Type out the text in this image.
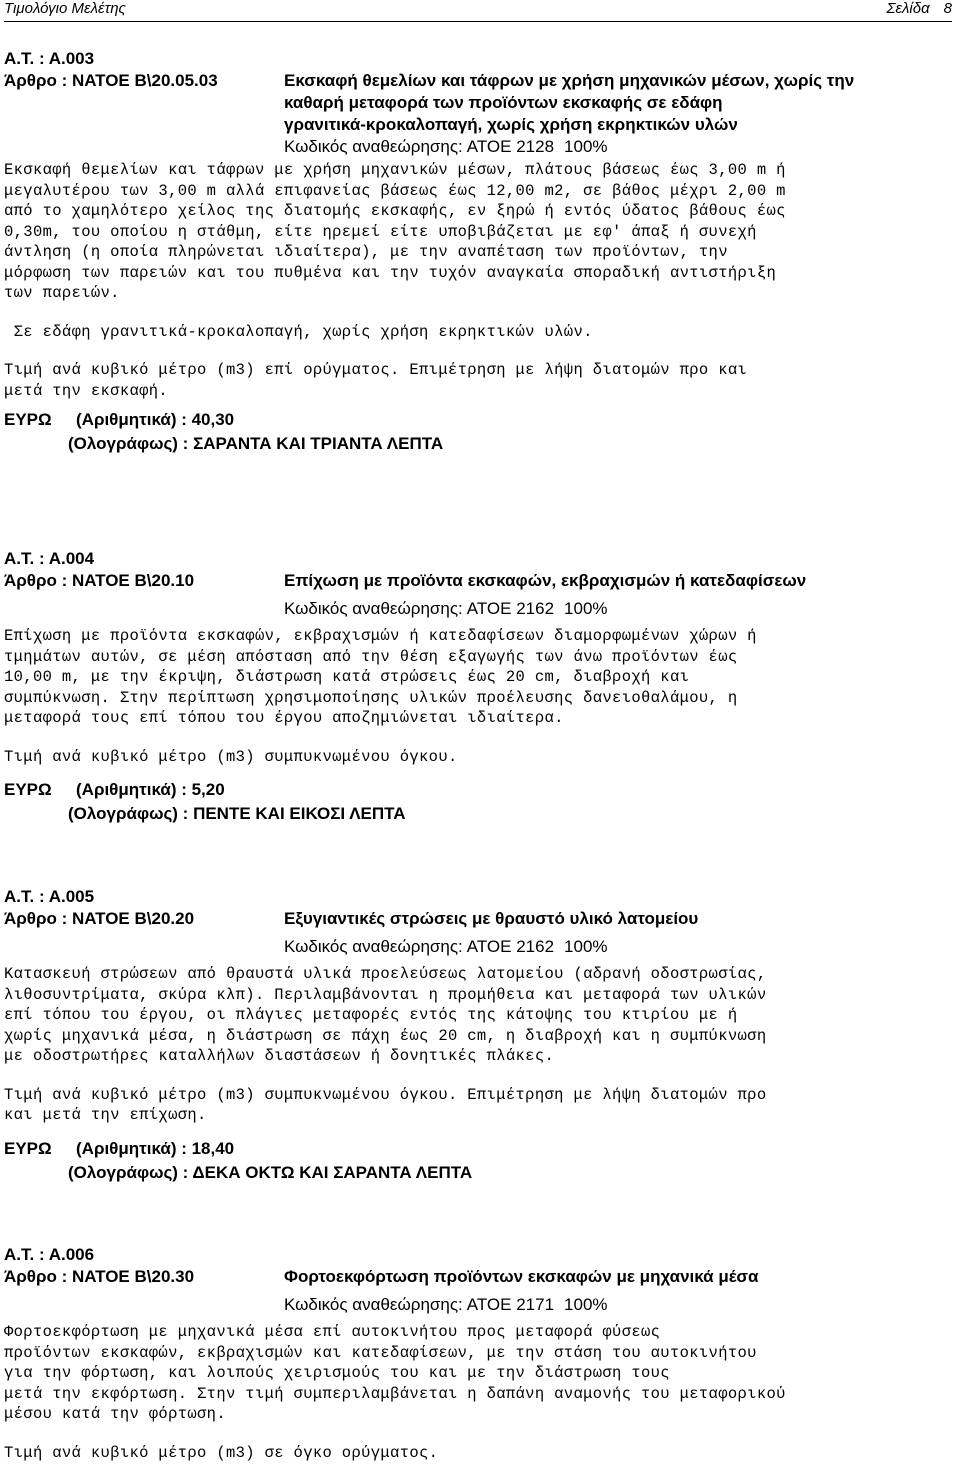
Τιμολόγιο Μελέτης	Σελίδα 8
Α.Τ. : Α.003
Άρθρο : ΝΑΤΟΕ Β\20.05.03	Εκσκαφή θεμελίων και τάφρων με χρήση μηχανικών μέσων, χωρίς την
καθαρή μεταφορά των προϊόντων εκσκαφής σε εδάφη
γρανιτικά-κροκαλοπαγή, χωρίς χρήση εκρηκτικών υλών
Κωδικός αναθεώρησης: ΑΤΟΕ 2128 100%

Εκσκαφή θεμελίων και τάφρων με χρήση μηχανικών μέσων, πλάτους βάσεως έως 3,00 m ή
μεγαλυτέρου των 3,00 m αλλά επιφανείας βάσεως έως 12,00 m2, σε βάθος μέχρι 2,00 m
από το χαμηλότερο χείλος της διατομής εκσκαφής, εν ξηρώ ή εντός ύδατος βάθους έως
0,30m, του οποίου η στάθμη, είτε ηρεμεί είτε υποβιβάζεται με εφ' άπαξ ή συνεχή
άντληση (η οποία πληρώνεται ιδιαίτερα), με την αναπέταση των προϊόντων, την
μόρφωση των παρειών και του πυθμένα και την τυχόν αναγκαία σποραδική αντιστήριξη
των παρειών.

Σε εδάφη γρανιτικά-κροκαλοπαγή, χωρίς χρήση εκρηκτικών υλών.

Τιμή ανά κυβικό μέτρο (m3) επί ορύγματος. Επιμέτρηση με λήψη διατομών προ και
μετά την εκσκαφή.

ΕΥΡΩ (Αριθμητικά) : 40,30
(Ολογράφως) : ΣΑΡΑΝΤΑ ΚΑΙ ΤΡΙΑΝΤΑ ΛΕΠΤΑ
Α.Τ. : Α.004
Άρθρο : ΝΑΤΟΕ Β\20.10	Επίχωση με προϊόντα εκσκαφών, εκβραχισμών ή κατεδαφίσεων
Κωδικός αναθεώρησης: ΑΤΟΕ 2162 100%

Επίχωση με προϊόντα εκσκαφών, εκβραχισμών ή κατεδαφίσεων διαμορφωμένων χώρων ή
τμημάτων αυτών, σε μέση απόσταση από την θέση εξαγωγής των άνω προϊόντων έως
10,00 m, με την έκριψη, διάστρωση κατά στρώσεις έως 20 cm, διαβροχή και
συμπύκνωση. Στην περίπτωση χρησιμοποίησης υλικών προέλευσης δανειοθαλάμου, η
μεταφορά τους επί τόπου του έργου αποζημιώνεται ιδιαίτερα.

Τιμή ανά κυβικό μέτρο (m3) συμπυκνωμένου όγκου.

ΕΥΡΩ (Αριθμητικά) : 5,20
(Ολογράφως) : ΠΕΝΤΕ ΚΑΙ ΕΙΚΟΣΙ ΛΕΠΤΑ
Α.Τ. : Α.005
Άρθρο : ΝΑΤΟΕ Β\20.20	Εξυγιαντικές στρώσεις με θραυστό υλικό λατομείου
Κωδικός αναθεώρησης: ΑΤΟΕ 2162 100%

Κατασκευή στρώσεων από θραυστά υλικά προελεύσεως λατομείου (αδρανή οδοστρωσίας,
λιθοσυντρίματα, σκύρα κλπ). Περιλαμβάνονται η προμήθεια και μεταφορά των υλικών
επί τόπου του έργου, οι πλάγιες μεταφορές εντός της κάτοψης του κτιρίου με ή
χωρίς μηχανικά μέσα, η διάστρωση σε πάχη έως 20 cm, η διαβροχή και η συμπύκνωση
με οδοστρωτήρες καταλλήλων διαστάσεων ή δονητικές πλάκες.

Τιμή ανά κυβικό μέτρο (m3) συμπυκνωμένου όγκου. Επιμέτρηση με λήψη διατομών προ
και μετά την επίχωση.

ΕΥΡΩ (Αριθμητικά) : 18,40
(Ολογράφως) : ΔΕΚΑ ΟΚΤΩ ΚΑΙ ΣΑΡΑΝΤΑ ΛΕΠΤΑ
Α.Τ. : Α.006
Άρθρο : ΝΑΤΟΕ Β\20.30	Φορτοεκφόρτωση προϊόντων εκσκαφών με μηχανικά μέσα
Κωδικός αναθεώρησης: ΑΤΟΕ 2171 100%

Φορτοεκφόρτωση με μηχανικά μέσα επί αυτοκινήτου προς μεταφορά φύσεως
προϊόντων εκσκαφών, εκβραχισμών και κατεδαφίσεων, με την στάση του αυτοκινήτου
για την φόρτωση, και λοιπούς χειρισμούς του και με την διάστρωση τους
μετά την εκφόρτωση. Στην τιμή συμπεριλαμβάνεται η δαπάνη αναμονής του μεταφορικού
μέσου κατά την φόρτωση.

Τιμή ανά κυβικό μέτρο (m3) σε όγκο ορύγματος.
